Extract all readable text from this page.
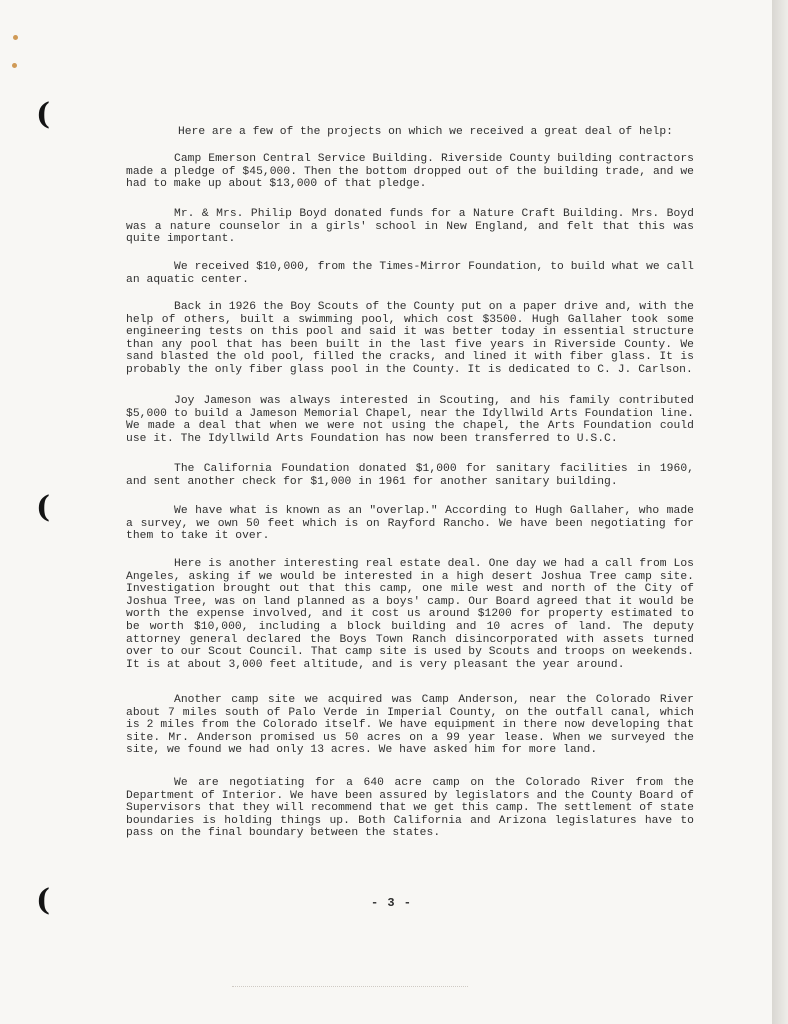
(
(
(
Here are a few of the projects on which we received a great deal of help:
Camp Emerson Central Service Building. Riverside County building contractors made a pledge of $45,000. Then the bottom dropped out of the building trade, and we had to make up about $13,000 of that pledge.
Mr. & Mrs. Philip Boyd donated funds for a Nature Craft Building. Mrs. Boyd was a nature counselor in a girls' school in New England, and felt that this was quite important.
We received $10,000, from the Times-Mirror Foundation, to build what we call an aquatic center.
Back in 1926 the Boy Scouts of the County put on a paper drive and, with the help of others, built a swimming pool, which cost $3500. Hugh Gallaher took some engineering tests on this pool and said it was better today in essential structure than any pool that has been built in the last five years in Riverside County. We sand blasted the old pool, filled the cracks, and lined it with fiber glass. It is probably the only fiber glass pool in the County. It is dedicated to C. J. Carlson.
Joy Jameson was always interested in Scouting, and his family contributed $5,000 to build a Jameson Memorial Chapel, near the Idyllwild Arts Foundation line. We made a deal that when we were not using the chapel, the Arts Foundation could use it. The Idyllwild Arts Foundation has now been transferred to U.S.C.
The California Foundation donated $1,000 for sanitary facilities in 1960, and sent another check for $1,000 in 1961 for another sanitary building.
We have what is known as an "overlap." According to Hugh Gallaher, who made a survey, we own 50 feet which is on Rayford Rancho. We have been negotiating for them to take it over.
Here is another interesting real estate deal. One day we had a call from Los Angeles, asking if we would be interested in a high desert Joshua Tree camp site. Investigation brought out that this camp, one mile west and north of the City of Joshua Tree, was on land planned as a boys' camp. Our Board agreed that it would be worth the expense involved, and it cost us around $1200 for property estimated to be worth $10,000, including a block building and 10 acres of land. The deputy attorney general declared the Boys Town Ranch disincorporated with assets turned over to our Scout Council. That camp site is used by Scouts and troops on weekends. It is at about 3,000 feet altitude, and is very pleasant the year around.
Another camp site we acquired was Camp Anderson, near the Colorado River about 7 miles south of Palo Verde in Imperial County, on the outfall canal, which is 2 miles from the Colorado itself. We have equipment in there now developing that site. Mr. Anderson promised us 50 acres on a 99 year lease. When we surveyed the site, we found we had only 13 acres. We have asked him for more land.
We are negotiating for a 640 acre camp on the Colorado River from the Department of Interior. We have been assured by legislators and the County Board of Supervisors that they will recommend that we get this camp. The settlement of state boundaries is holding things up. Both California and Arizona legislatures have to pass on the final boundary between the states.
- 3 -
